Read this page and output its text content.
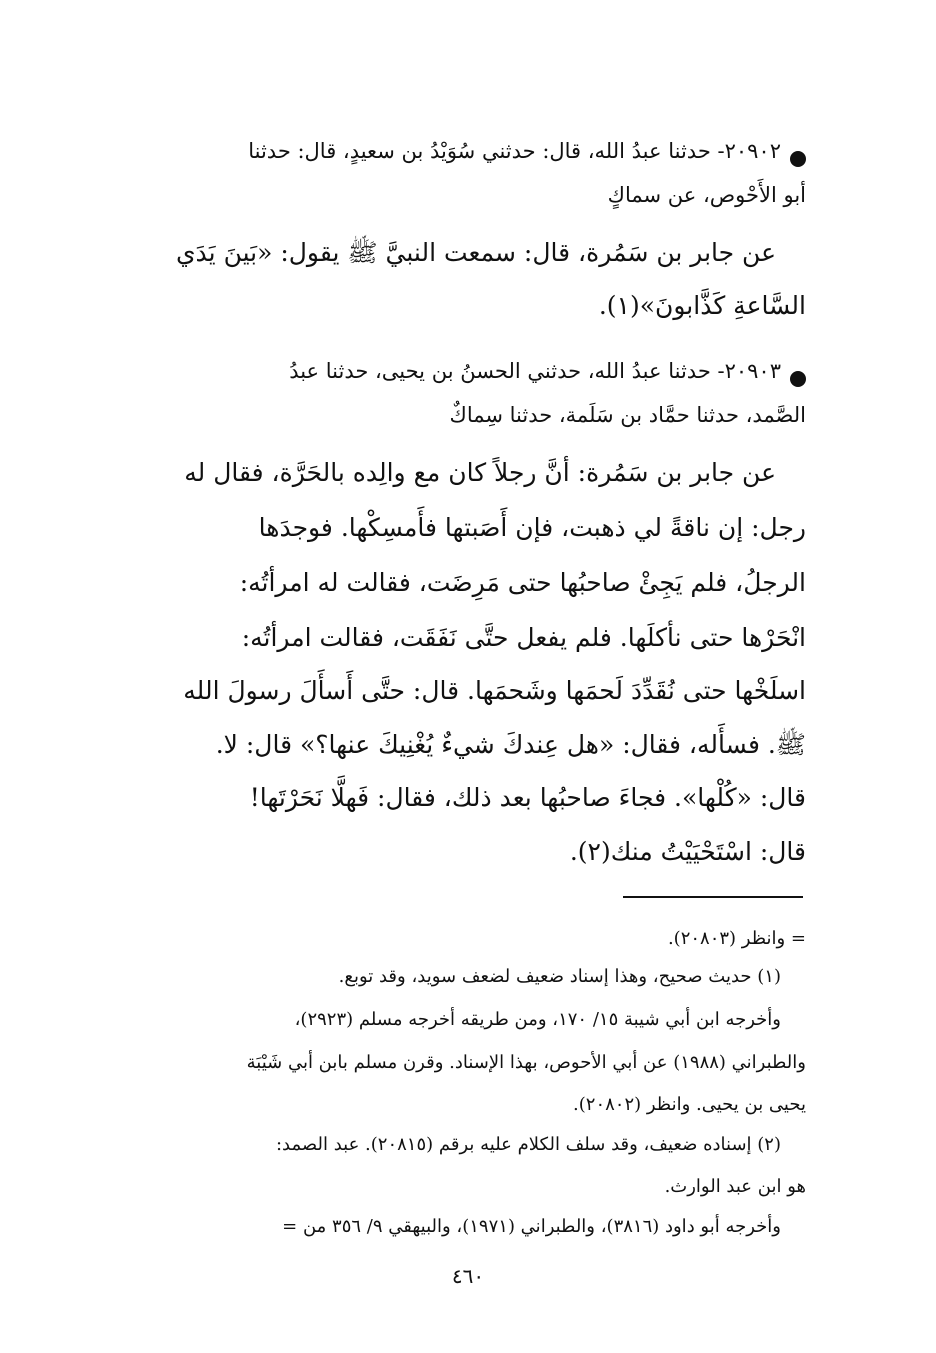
٢٠٩٠٢- حدثنا عبدُ الله، قال: حدثني سُوَيْدُ بن سعيدٍ، قال: حدثنا

أبو الأَحْوص، عن سماكٍ

عن جابر بن سَمُرة، قال: سمعت النبيَّ ﷺ يقول: «بَينَ يَدَي

السَّاعةِ كَذَّابونَ»(١).

٢٠٩٠٣- حدثنا عبدُ الله، حدثني الحسنُ بن يحيى، حدثنا عبدُ

الصَّمد، حدثنا حمَّاد بن سَلَمة، حدثنا سِماكٌ

عن جابر بن سَمُرة: أنَّ رجلاً كان مع والِده بالحَرَّة، فقال له

رجل: إن ناقةً لي ذهبت، فإن أَصَبتها فأَمسِكْها. فوجدَها

الرجلُ، فلم يَجِئْ صاحبُها حتى مَرِضَت، فقالت له امرأتُه:

انْحَرْها حتى نأكلَها. فلم يفعل حتَّى نَفَقَت، فقالت امرأتُه:

اسلَخْها حتى نُقَدِّدَ لَحمَها وشَحمَها. قال: حتَّى أَسأَلَ رسولَ الله

ﷺ. فسأَله، فقال: «هل عِندكَ شيءٌ يُغْنِيكَ عنها؟» قال: لا.

قال: «كُلْها». فجاءَ صاحبُها بعد ذلك، فقال: فَهلَّا نَحَرْتَها!

قال: اسْتَحْيَيْتُ منك(٢).

= وانظر (٢٠٨٠٣).

(١) حديث صحيح، وهذا إسناد ضعيف لضعف سويد، وقد توبع.

وأخرجه ابن أبي شيبة ١٥/ ١٧٠، ومن طريقه أخرجه مسلم (٢٩٢٣)،

والطبراني (١٩٨٨) عن أبي الأحوص، بهذا الإسناد. وقرن مسلم بابن أبي شَيْبَة

يحيى بن يحيى. وانظر (٢٠٨٠٢).

(٢) إسناده ضعيف، وقد سلف الكلام عليه برقم (٢٠٨١٥). عبد الصمد:

هو ابن عبد الوارث.

وأخرجه أبو داود (٣٨١٦)، والطبراني (١٩٧١)، والبيهقي ٩/ ٣٥٦ من =

٤٦٠
